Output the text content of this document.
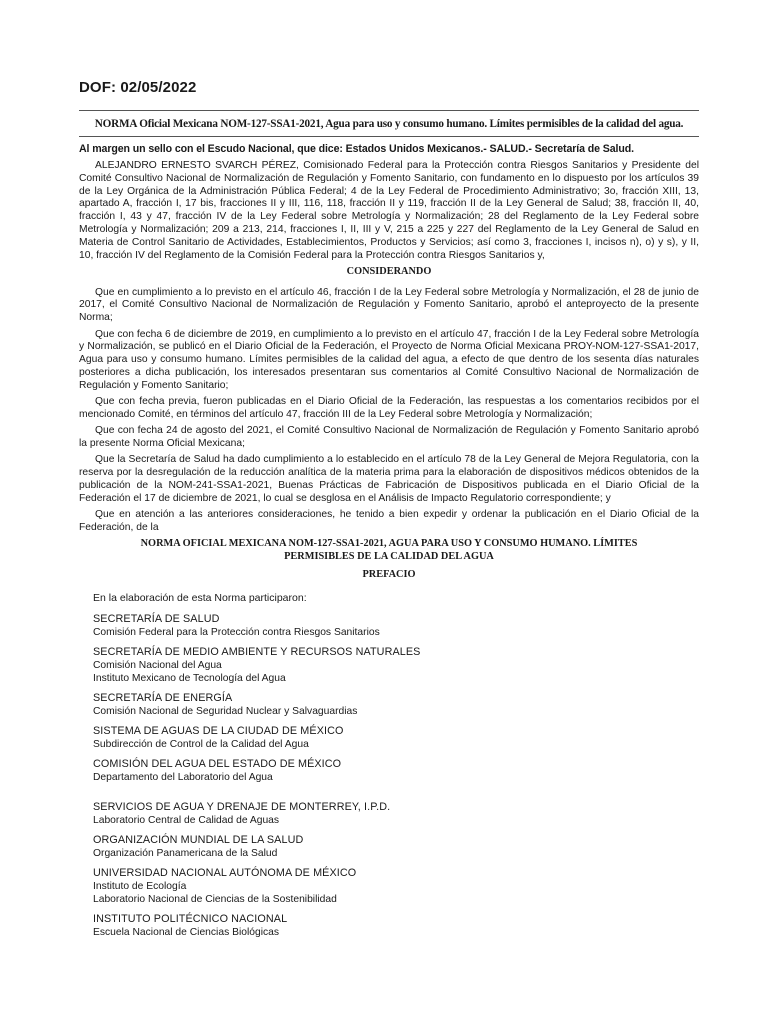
DOF: 02/05/2022
NORMA Oficial Mexicana NOM-127-SSA1-2021, Agua para uso y consumo humano. Límites permisibles de la calidad del agua.
Al margen un sello con el Escudo Nacional, que dice: Estados Unidos Mexicanos.- SALUD.- Secretaría de Salud.

ALEJANDRO ERNESTO SVARCH PÉREZ, Comisionado Federal para la Protección contra Riesgos Sanitarios y Presidente del Comité Consultivo Nacional de Normalización de Regulación y Fomento Sanitario, con fundamento en lo dispuesto por los artículos 39 de la Ley Orgánica de la Administración Pública Federal; 4 de la Ley Federal de Procedimiento Administrativo; 3o, fracción XIII, 13, apartado A, fracción I, 17 bis, fracciones II y III, 116, 118, fracción II y 119, fracción II de la Ley General de Salud; 38, fracción II, 40, fracción I, 43 y 47, fracción IV de la Ley Federal sobre Metrología y Normalización; 28 del Reglamento de la Ley Federal sobre Metrología y Normalización; 209 a 213, 214, fracciones I, II, III y V, 215 a 225 y 227 del Reglamento de la Ley General de Salud en Materia de Control Sanitario de Actividades, Establecimientos, Productos y Servicios; así como 3, fracciones I, incisos n), o) y s), y II, 10, fracción IV del Reglamento de la Comisión Federal para la Protección contra Riesgos Sanitarios y,

CONSIDERANDO

Que en cumplimiento a lo previsto en el artículo 46, fracción I de la Ley Federal sobre Metrología y Normalización, el 28 de junio de 2017, el Comité Consultivo Nacional de Normalización de Regulación y Fomento Sanitario, aprobó el anteproyecto de la presente Norma;

Que con fecha 6 de diciembre de 2019, en cumplimiento a lo previsto en el artículo 47, fracción I de la Ley Federal sobre Metrología y Normalización, se publicó en el Diario Oficial de la Federación, el Proyecto de Norma Oficial Mexicana PROY-NOM-127-SSA1-2017, Agua para uso y consumo humano. Límites permisibles de la calidad del agua, a efecto de que dentro de los sesenta días naturales posteriores a dicha publicación, los interesados presentaran sus comentarios al Comité Consultivo Nacional de Normalización de Regulación y Fomento Sanitario;

Que con fecha previa, fueron publicadas en el Diario Oficial de la Federación, las respuestas a los comentarios recibidos por el mencionado Comité, en términos del artículo 47, fracción III de la Ley Federal sobre Metrología y Normalización;

Que con fecha 24 de agosto del 2021, el Comité Consultivo Nacional de Normalización de Regulación y Fomento Sanitario aprobó la presente Norma Oficial Mexicana;

Que la Secretaría de Salud ha dado cumplimiento a lo establecido en el artículo 78 de la Ley General de Mejora Regulatoria, con la reserva por la desregulación de la reducción analítica de la materia prima para la elaboración de dispositivos médicos obtenidos de la publicación de la NOM-241-SSA1-2021, Buenas Prácticas de Fabricación de Dispositivos publicada en el Diario Oficial de la Federación el 17 de diciembre de 2021, lo cual se desglosa en el Análisis de Impacto Regulatorio correspondiente; y

Que en atención a las anteriores consideraciones, he tenido a bien expedir y ordenar la publicación en el Diario Oficial de la Federación, de la

NORMA OFICIAL MEXICANA NOM-127-SSA1-2021, AGUA PARA USO Y CONSUMO HUMANO. LÍMITES PERMISIBLES DE LA CALIDAD DEL AGUA
PREFACIO
En la elaboración de esta Norma participaron:
SECRETARÍA DE SALUD
Comisión Federal para la Protección contra Riesgos Sanitarios
SECRETARÍA DE MEDIO AMBIENTE Y RECURSOS NATURALES
Comisión Nacional del Agua
Instituto Mexicano de Tecnología del Agua
SECRETARÍA DE ENERGÍA
Comisión Nacional de Seguridad Nuclear y Salvaguardias
SISTEMA DE AGUAS DE LA CIUDAD DE MÉXICO
Subdirección de Control de la Calidad del Agua
COMISIÓN DEL AGUA DEL ESTADO DE MÉXICO
Departamento del Laboratorio del Agua
SERVICIOS DE AGUA Y DRENAJE DE MONTERREY, I.P.D.
Laboratorio Central de Calidad de Aguas
ORGANIZACIÓN MUNDIAL DE LA SALUD
Organización Panamericana de la Salud
UNIVERSIDAD NACIONAL AUTÓNOMA DE MÉXICO
Instituto de Ecología
Laboratorio Nacional de Ciencias de la Sostenibilidad
INSTITUTO POLITÉCNICO NACIONAL
Escuela Nacional de Ciencias Biológicas
